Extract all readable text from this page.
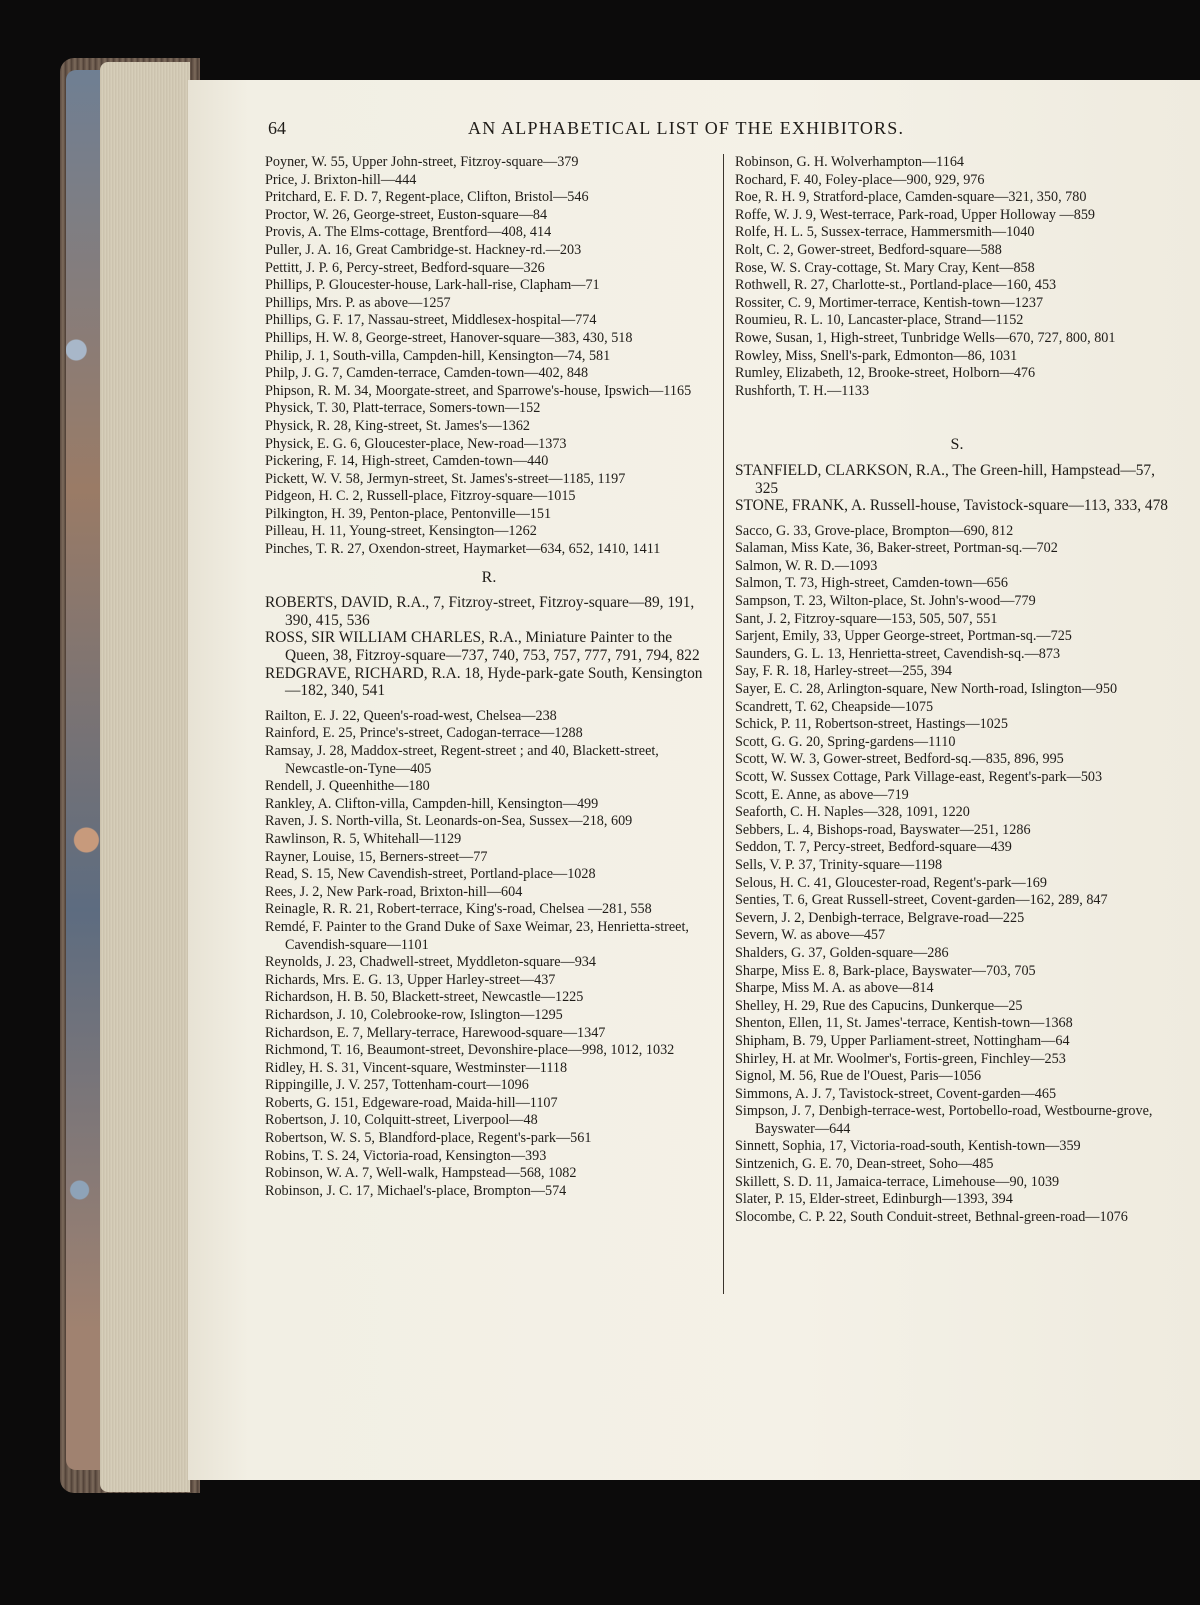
64	AN ALPHABETICAL LIST OF THE EXHIBITORS.

Poyner, W. 55, Upper John-street, Fitzroy-square—379

Price, J. Brixton-hill—444

Pritchard, E. F. D. 7, Regent-place, Clifton, Bristol—546

Proctor, W. 26, George-street, Euston-square—84

Provis, A. The Elms-cottage, Brentford—408, 414

Puller, J. A. 16, Great Cambridge-st. Hackney-rd.—203

Pettitt, J. P. 6, Percy-street, Bedford-square—326

Phillips, P. Gloucester-house, Lark-hall-rise, Clapham—71

Phillips, Mrs. P. as above—1257

Phillips, G. F. 17, Nassau-street, Middlesex-hospital—774

Phillips, H. W. 8, George-street, Hanover-square—383, 430, 518

Philip, J. 1, South-villa, Campden-hill, Kensington—74, 581

Philp, J. G. 7, Camden-terrace, Camden-town—402, 848

Phipson, R. M. 34, Moorgate-street, and Sparrowe's-house, Ipswich—1165

Physick, T. 30, Platt-terrace, Somers-town—152

Physick, R. 28, King-street, St. James's—1362

Physick, E. G. 6, Gloucester-place, New-road—1373

Pickering, F. 14, High-street, Camden-town—440

Pickett, W. V. 58, Jermyn-street, St. James's-street—1185, 1197

Pidgeon, H. C. 2, Russell-place, Fitzroy-square—1015

Pilkington, H. 39, Penton-place, Pentonville—151

Pilleau, H. 11, Young-street, Kensington—1262

Pinches, T. R. 27, Oxendon-street, Haymarket—634, 652, 1410, 1411

R.

ROBERTS, DAVID, R.A., 7, Fitzroy-street, Fitzroy-square—89, 191, 390, 415, 536

ROSS, SIR WILLIAM CHARLES, R.A., Miniature Painter to the Queen, 38, Fitzroy-square—737, 740, 753, 757, 777, 791, 794, 822

REDGRAVE, RICHARD, R.A. 18, Hyde-park-gate South, Kensington—182, 340, 541

Railton, E. J. 22, Queen's-road-west, Chelsea—238

Rainford, E. 25, Prince's-street, Cadogan-terrace—1288

Ramsay, J. 28, Maddox-street, Regent-street ; and 40, Blackett-street, Newcastle-on-Tyne—405

Rendell, J. Queenhithe—180

Rankley, A. Clifton-villa, Campden-hill, Kensington—499

Raven, J. S. North-villa, St. Leonards-on-Sea, Sussex—218, 609

Rawlinson, R. 5, Whitehall—1129

Rayner, Louise, 15, Berners-street—77

Read, S. 15, New Cavendish-street, Portland-place—1028

Rees, J. 2, New Park-road, Brixton-hill—604

Reinagle, R. R. 21, Robert-terrace, King's-road, Chelsea —281, 558

Remdé, F. Painter to the Grand Duke of Saxe Weimar, 23, Henrietta-street, Cavendish-square—1101

Reynolds, J. 23, Chadwell-street, Myddleton-square—934

Richards, Mrs. E. G. 13, Upper Harley-street—437

Richardson, H. B. 50, Blackett-street, Newcastle—1225

Richardson, J. 10, Colebrooke-row, Islington—1295

Richardson, E. 7, Mellary-terrace, Harewood-square—1347

Richmond, T. 16, Beaumont-street, Devonshire-place—998, 1012, 1032

Ridley, H. S. 31, Vincent-square, Westminster—1118

Rippingille, J. V. 257, Tottenham-court—1096

Roberts, G. 151, Edgeware-road, Maida-hill—1107

Robertson, J. 10, Colquitt-street, Liverpool—48

Robertson, W. S. 5, Blandford-place, Regent's-park—561

Robins, T. S. 24, Victoria-road, Kensington—393

Robinson, W. A. 7, Well-walk, Hampstead—568, 1082

Robinson, J. C. 17, Michael's-place, Brompton—574

Robinson, G. H. Wolverhampton—1164

Rochard, F. 40, Foley-place—900, 929, 976

Roe, R. H. 9, Stratford-place, Camden-square—321, 350, 780

Roffe, W. J. 9, West-terrace, Park-road, Upper Holloway —859

Rolfe, H. L. 5, Sussex-terrace, Hammersmith—1040

Rolt, C. 2, Gower-street, Bedford-square—588

Rose, W. S. Cray-cottage, St. Mary Cray, Kent—858

Rothwell, R. 27, Charlotte-st., Portland-place—160, 453

Rossiter, C. 9, Mortimer-terrace, Kentish-town—1237

Roumieu, R. L. 10, Lancaster-place, Strand—1152

Rowe, Susan, 1, High-street, Tunbridge Wells—670, 727, 800, 801

Rowley, Miss, Snell's-park, Edmonton—86, 1031

Rumley, Elizabeth, 12, Brooke-street, Holborn—476

Rushforth, T. H.—1133

S.

STANFIELD, CLARKSON, R.A., The Green-hill, Hampstead—57, 325

STONE, FRANK, A. Russell-house, Tavistock-square—113, 333, 478

Sacco, G. 33, Grove-place, Brompton—690, 812

Salaman, Miss Kate, 36, Baker-street, Portman-sq.—702

Salmon, W. R. D.—1093

Salmon, T. 73, High-street, Camden-town—656

Sampson, T. 23, Wilton-place, St. John's-wood—779

Sant, J. 2, Fitzroy-square—153, 505, 507, 551

Sarjent, Emily, 33, Upper George-street, Portman-sq.—725

Saunders, G. L. 13, Henrietta-street, Cavendish-sq.—873

Say, F. R. 18, Harley-street—255, 394

Sayer, E. C. 28, Arlington-square, New North-road, Islington—950

Scandrett, T. 62, Cheapside—1075

Schick, P. 11, Robertson-street, Hastings—1025

Scott, G. G. 20, Spring-gardens—1110

Scott, W. W. 3, Gower-street, Bedford-sq.—835, 896, 995

Scott, W. Sussex Cottage, Park Village-east, Regent's-park—503

Scott, E. Anne, as above—719

Seaforth, C. H. Naples—328, 1091, 1220

Sebbers, L. 4, Bishops-road, Bayswater—251, 1286

Seddon, T. 7, Percy-street, Bedford-square—439

Sells, V. P. 37, Trinity-square—1198

Selous, H. C. 41, Gloucester-road, Regent's-park—169

Senties, T. 6, Great Russell-street, Covent-garden—162, 289, 847

Severn, J. 2, Denbigh-terrace, Belgrave-road—225

Severn, W. as above—457

Shalders, G. 37, Golden-square—286

Sharpe, Miss E. 8, Bark-place, Bayswater—703, 705

Sharpe, Miss M. A. as above—814

Shelley, H. 29, Rue des Capucins, Dunkerque—25

Shenton, Ellen, 11, St. James'-terrace, Kentish-town—1368

Shipham, B. 79, Upper Parliament-street, Nottingham—64

Shirley, H. at Mr. Woolmer's, Fortis-green, Finchley—253

Signol, M. 56, Rue de l'Ouest, Paris—1056

Simmons, A. J. 7, Tavistock-street, Covent-garden—465

Simpson, J. 7, Denbigh-terrace-west, Portobello-road, Westbourne-grove, Bayswater—644

Sinnett, Sophia, 17, Victoria-road-south, Kentish-town—359

Sintzenich, G. E. 70, Dean-street, Soho—485

Skillett, S. D. 11, Jamaica-terrace, Limehouse—90, 1039

Slater, P. 15, Elder-street, Edinburgh—1393, 394

Slocombe, C. P. 22, South Conduit-street, Bethnal-green-road—1076
